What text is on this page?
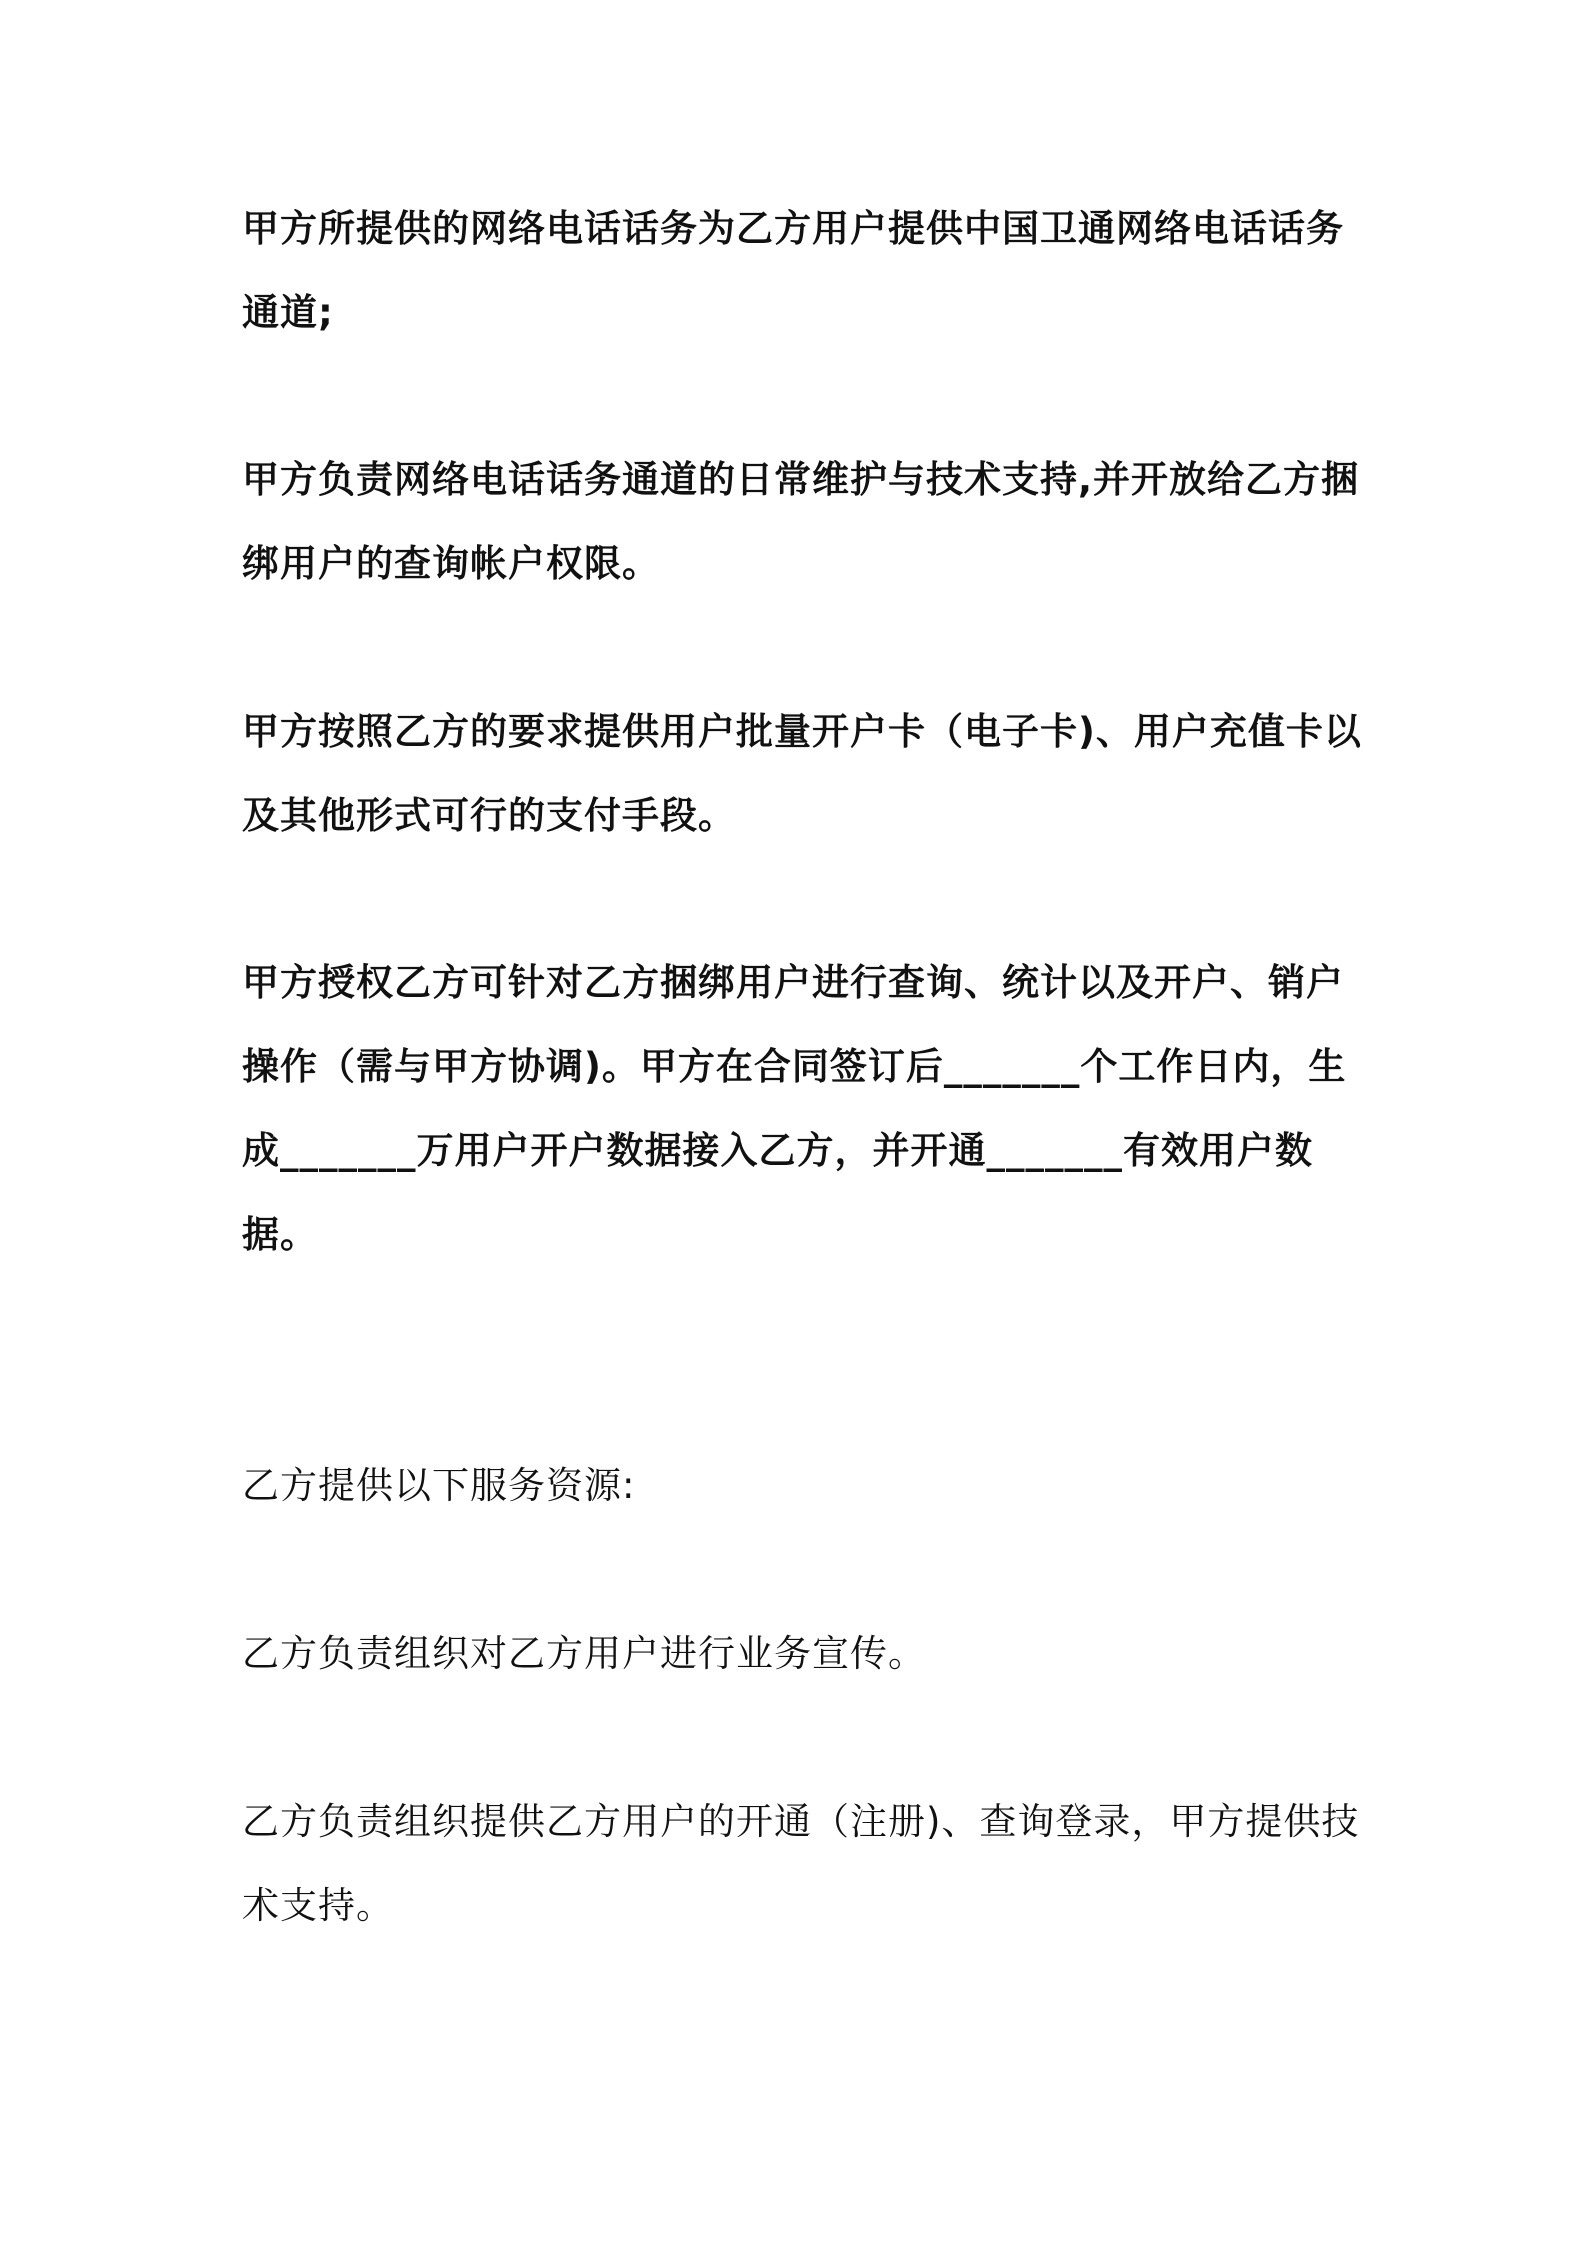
甲方所提供的网络电话话务为乙方用户提供中国卫通网络电话话务通道;

甲方负责网络电话话务通道的日常维护与技术支持,并开放给乙方捆绑用户的查询帐户权限。

甲方按照乙方的要求提供用户批量开户卡（电子卡)、用户充值卡以及其他形式可行的支付手段。

甲方授权乙方可针对乙方捆绑用户进行查询、统计以及开户、销户操作（需与甲方协调)。甲方在合同签订后_______个工作日内，生成_______万用户开户数据接入乙方，并开通_______有效用户数据。

乙方提供以下服务资源:

乙方负责组织对乙方用户进行业务宣传。

乙方负责组织提供乙方用户的开通（注册)、查询登录，甲方提供技术支持。
